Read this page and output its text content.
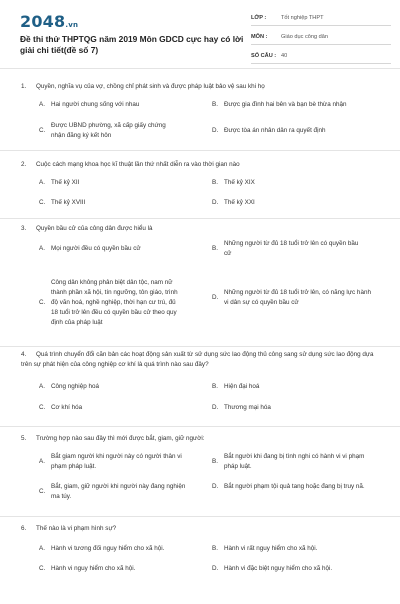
2048.vn
Đề thi thử THPTQG năm 2019 Môn GDCD cực hay có lời giải chi tiết(đề số 7)
LỚP :	Tốt nghiệp THPT
MÔN :	Giáo dục công dân
SỐ CÂU : 40
1. Quyền, nghĩa vụ của vợ, chồng chỉ phát sinh và được pháp luật bảo vệ sau khi họ
A. Hai người chung sống với nhau	B. Được gia đình hai bên và bạn bè thừa nhận
C.
Được UBND phường, xã cấp giấy chứng nhận đăng ký kết hôn
D. Được tòa án nhân dân ra quyết định
2. Cuộc cách mạng khoa học kĩ thuật lần thứ nhất diễn ra vào thời gian nào
A. Thế kỷ XII	B. Thế kỷ XIX
C. Thế kỷ XVIII	D. Thế kỷ XXI
3. Quyền bầu cử của công dân được hiểu là
A. Mọi người đều có quyền bầu cử	B.
Những người từ đủ 18 tuổi trở lên có quyền bầu cử
C.
Công dân không phân biệt dân tộc, nam nữ thành phần xã hội, tín ngưỡng, tôn giáo, trình độ văn hoá, nghề nghiệp, thời hạn cư trú, đủ 18 tuổi trở lên đều có quyền bầu cử theo quy định của pháp luật
D.
Những người từ đủ 18 tuổi trở lên, có năng lực hành vi dân sự có quyền bầu cử
4. Quá trình chuyển đổi căn bản các hoạt động sản xuất từ sử dụng sức lao động thủ công sang sử dụng sức lao động dựa trên sự phát hiện của công nghiệp cơ khí là quá trình nào sau đây?
A. Công nghiệp hoá	B. Hiện đại hoá
C. Cơ khí hóa	D. Thương mại hóa
5. Trường hợp nào sau đây thì mới được bắt, giam, giữ người:
A.
Bắt giam người khi người này có người thân vi phạm pháp luật.
B.
Bắt người khi đang bị tình nghi có hành vi vi phạm pháp luật.
C.
Bắt, giam, giữ người khi người này đang nghiện ma túy.
D. Bắt người phạm tội quả tang hoặc đang bị truy nã.
6. Thế nào là vi phạm hình sự?
A. Hành vi tương đối nguy hiểm cho xã hội.	B. Hành vi rất nguy hiểm cho xã hội.
C. Hành vi nguy hiểm cho xã hội.	D. Hành vi đặc biệt nguy hiểm cho xã hội.
